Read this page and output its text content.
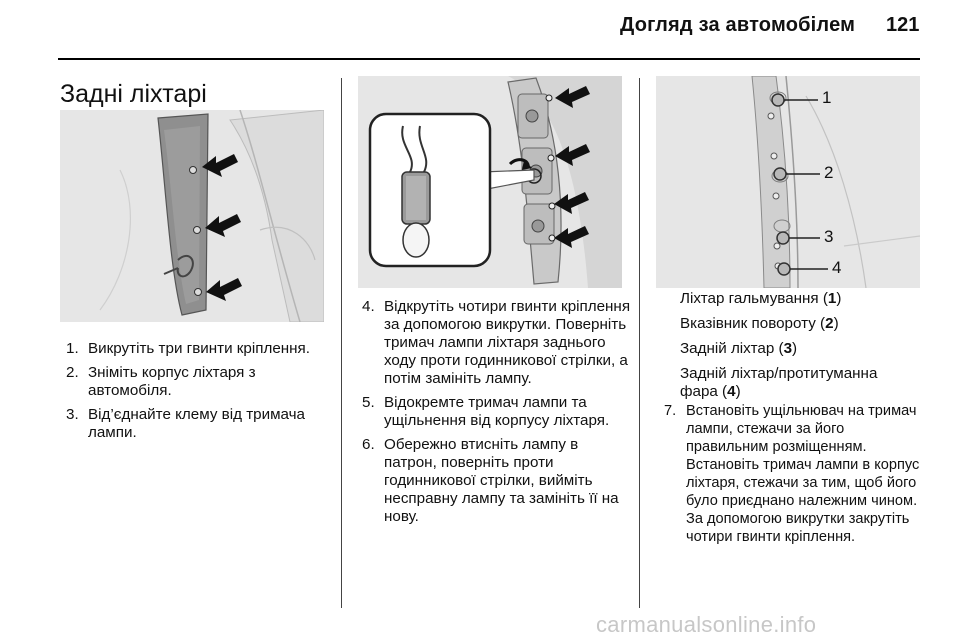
Догляд за автомобілем 121
Задні ліхтарі	1
2
3
4
1. Викрутіть три гвинти кріплення.
2. Зніміть корпус ліхтаря з автомобіля.
3. Від’єднайте клему від тримача лампи.
4. Відкрутіть чотири гвинти кріплення за допомогою викрутки. Поверніть тримач лампи ліхтаря заднього ходу проти годинникової стрілки, а потім замініть лампу.
5. Відокремте тримач лампи та ущільнення від корпусу ліхтаря.
6. Обережно втисніть лампу в патрон, поверніть проти годинникової стрілки, вийміть несправну лампу та замініть її на нову.
Ліхтар гальмування (1)
Вказівник повороту (2)
Задній ліхтар (3)
Задній ліхтар/протитуманна фара (4)
7. Встановіть ущільнювач на тримач лампи, стежачи за його правильним розміщенням. Встановіть тримач лампи в корпус ліхтаря, стежачи за тим, щоб його було приєднано належним чином. За допомогою викрутки закрутіть чотири гвинти кріплення.
carmanualsonline.info
